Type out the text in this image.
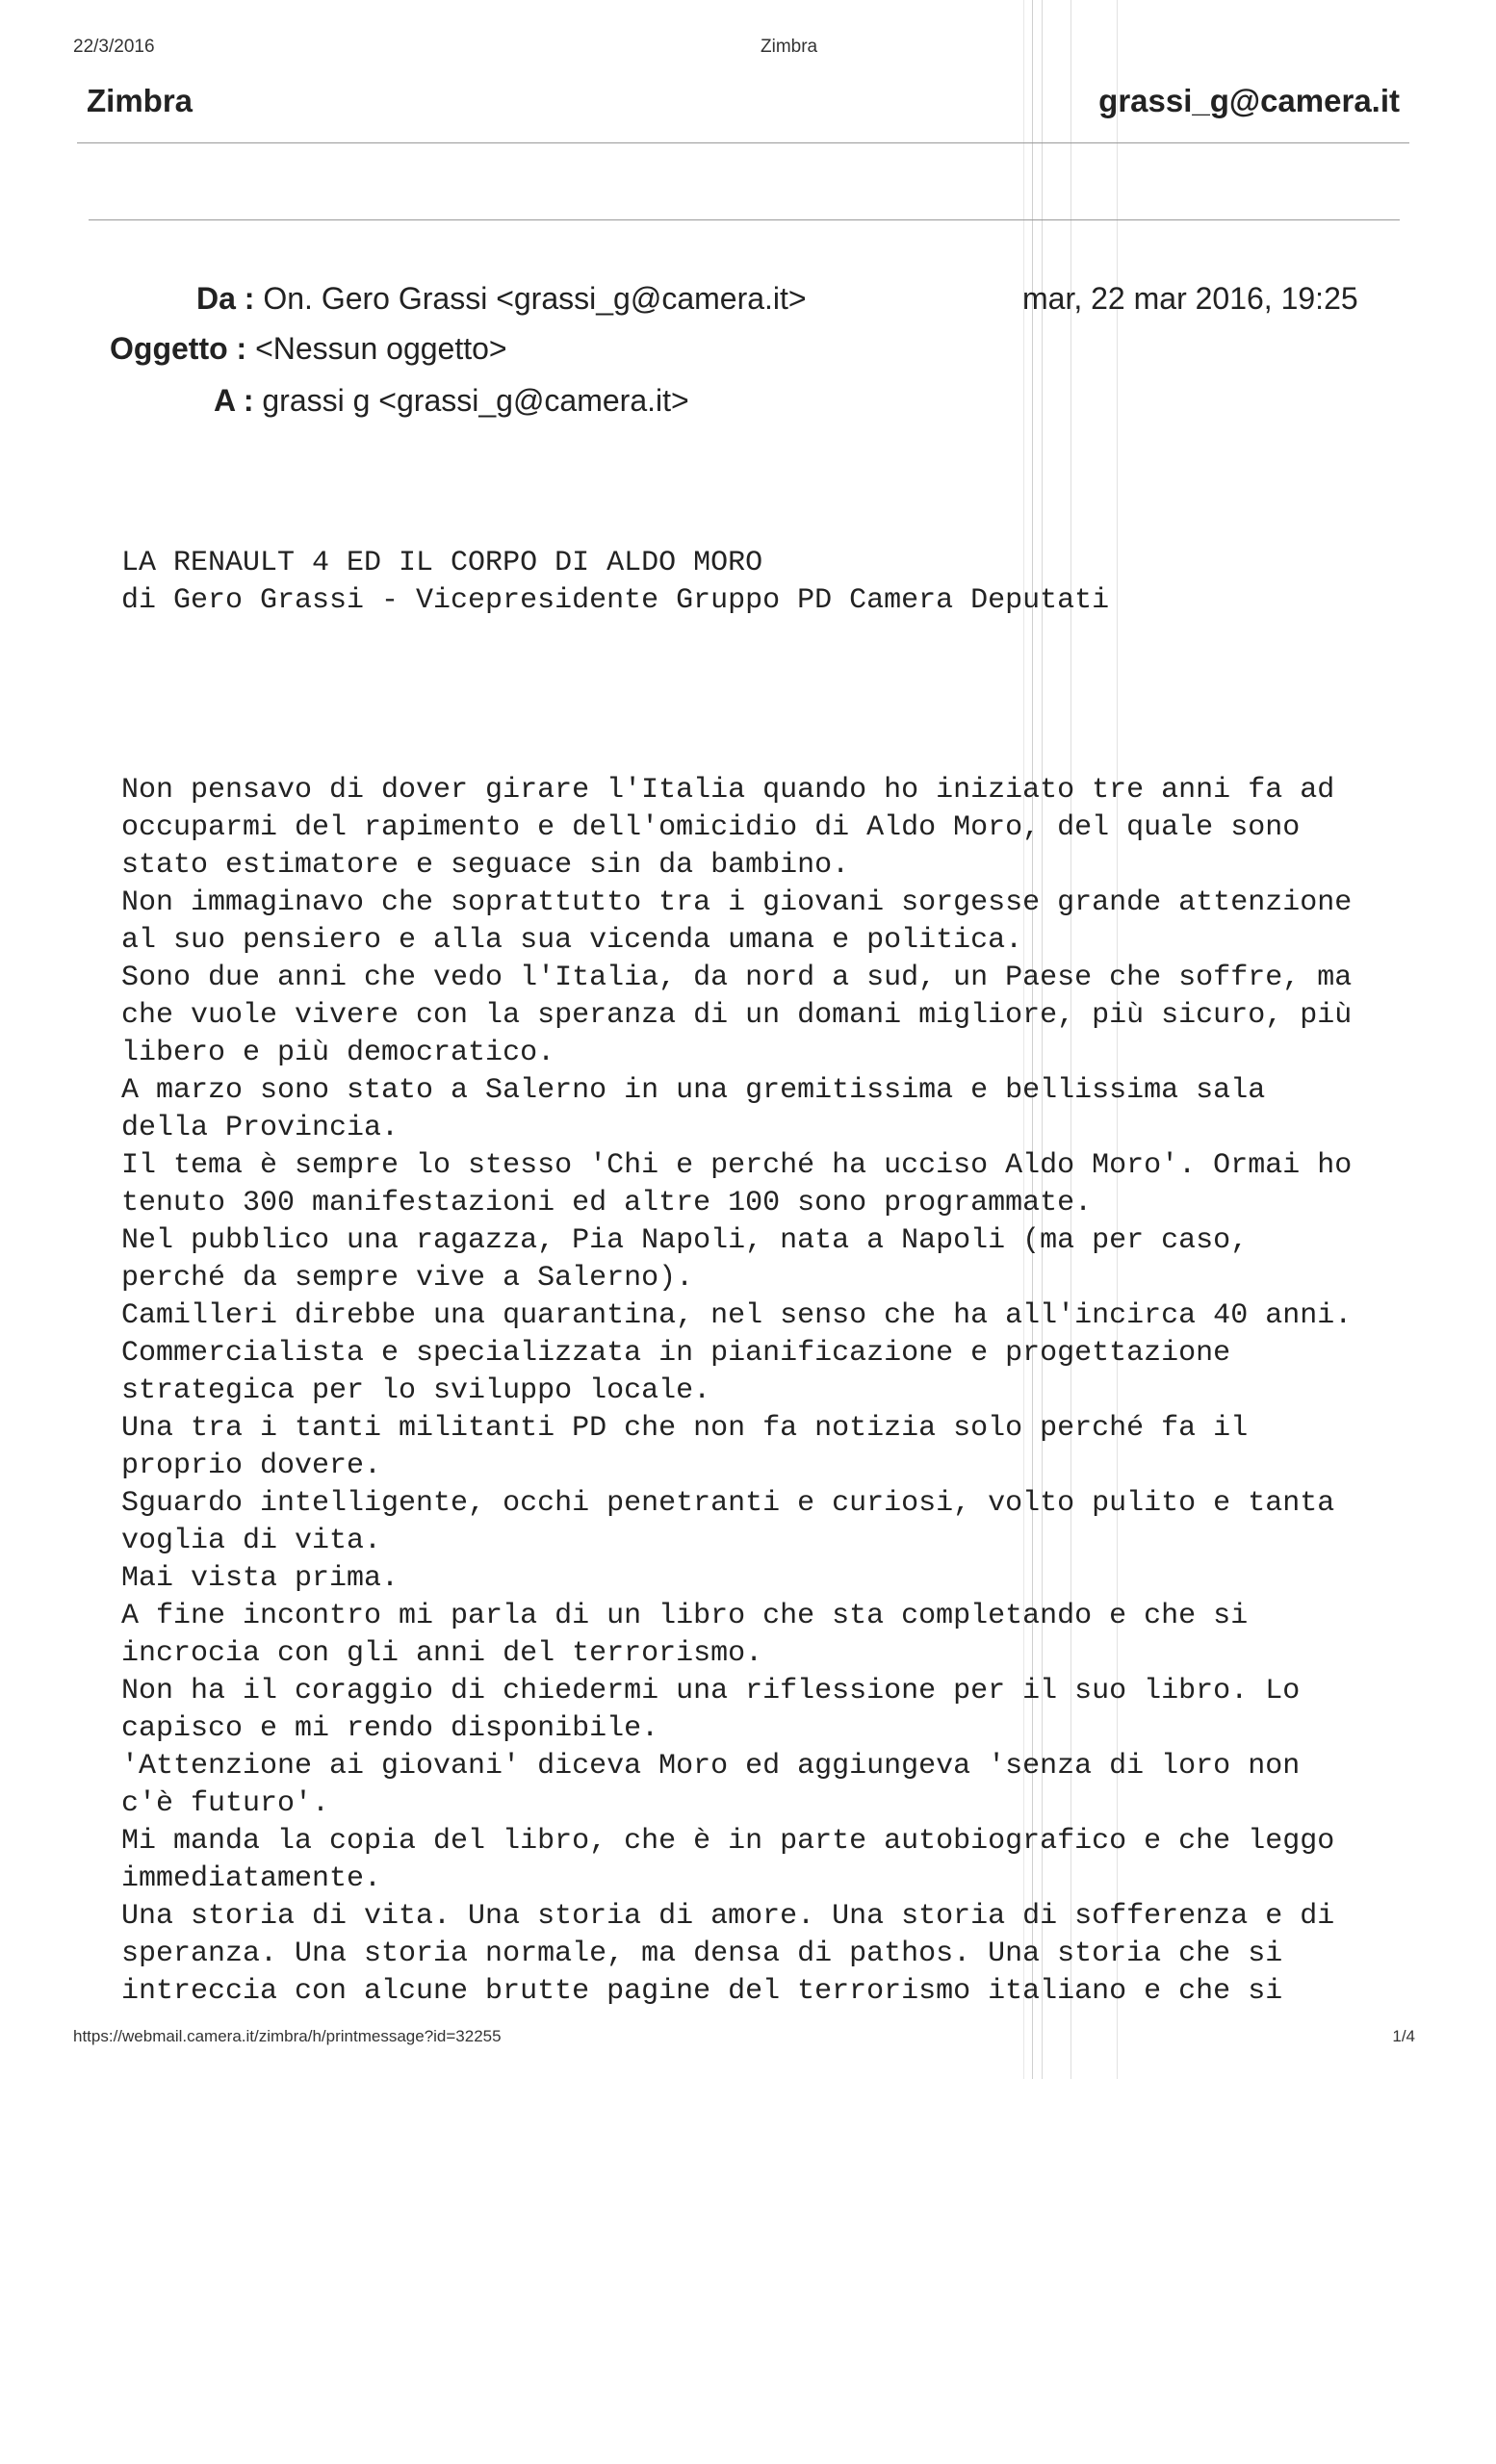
22/3/2016	Zimbra
Zimbra	grassi_g@camera.it
Da : On. Gero Grassi <grassi_g@camera.it>
Oggetto : <Nessun oggetto>
A : grassi g <grassi_g@camera.it>
mar, 22 mar 2016, 19:25

LA RENAULT 4 ED IL CORPO DI ALDO MORO

di Gero Grassi - Vicepresidente Gruppo PD Camera Deputati

Non pensavo di dover girare l'Italia quando ho iniziato tre anni fa ad

occuparmi del rapimento e dell'omicidio di Aldo Moro, del quale sono

stato estimatore e seguace sin da bambino.

Non immaginavo che soprattutto tra i giovani sorgesse grande attenzione

al suo pensiero e alla sua vicenda umana e politica.

Sono due anni che vedo l'Italia, da nord a sud, un Paese che soffre, ma

che vuole vivere con la speranza di un domani migliore, più sicuro, più

libero e più democratico.

A marzo sono stato a Salerno in una gremitissima e bellissima sala

della Provincia.

Il tema è sempre lo stesso 'Chi e perché ha ucciso Aldo Moro'. Ormai ho

tenuto 300 manifestazioni ed altre 100 sono programmate.

Nel pubblico una ragazza, Pia Napoli, nata a Napoli (ma per caso,

perché da sempre vive a Salerno).

Camilleri direbbe una quarantina, nel senso che ha all'incirca 40 anni.

Commercialista e specializzata in pianificazione e progettazione

strategica per lo sviluppo locale.

Una tra i tanti militanti PD che non fa notizia solo perché fa il

proprio dovere.

Sguardo intelligente, occhi penetranti e curiosi, volto pulito e tanta

voglia di vita.

Mai vista prima.

A fine incontro mi parla di un libro che sta completando e che si

incrocia con gli anni del terrorismo.

Non ha il coraggio di chiedermi una riflessione per il suo libro. Lo

capisco e mi rendo disponibile.

'Attenzione ai giovani' diceva Moro ed aggiungeva 'senza di loro non

c'è futuro'.

Mi manda la copia del libro, che è in parte autobiografico e che leggo

immediatamente.

Una storia di vita. Una storia di amore. Una storia di sofferenza e di

speranza. Una storia normale, ma densa di pathos. Una storia che si

intreccia con alcune brutte pagine del terrorismo italiano e che si

https://webmail.camera.it/zimbra/h/printmessage?id=32255	1/4
